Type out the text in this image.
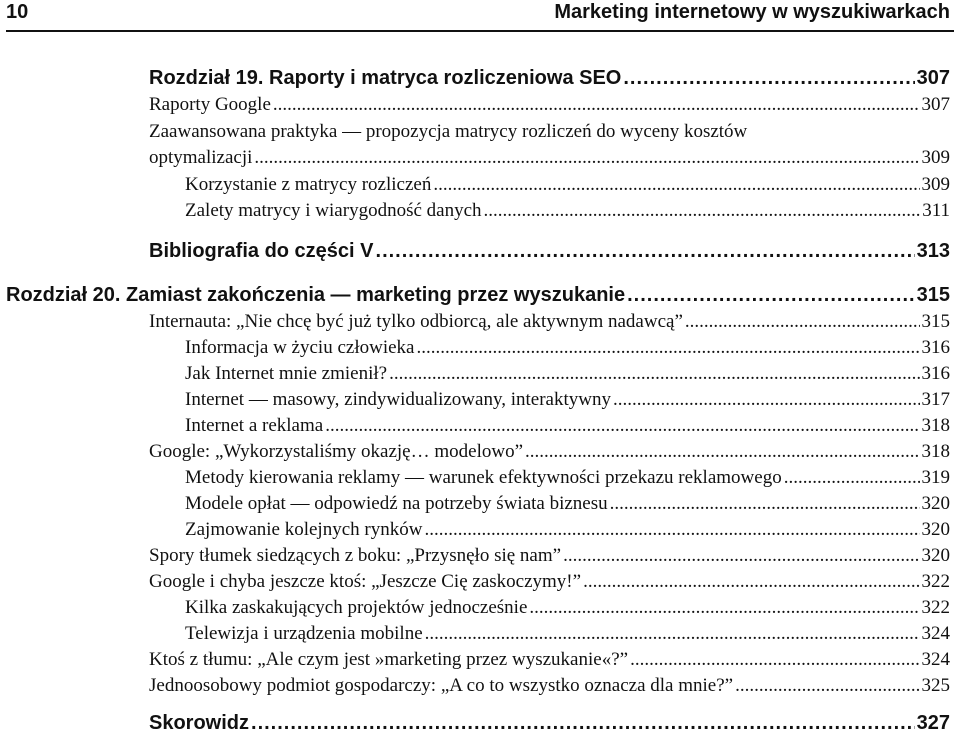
10	Marketing internetowy w wyszukiwarkach
Rozdział 19. Raporty i matryca rozliczeniowa SEO .....	307
Raporty Google .....	307
Zaawansowana praktyka — propozycja matrycy rozliczeń do wyceny kosztów
optymalizacji .....	309
Korzystanie z matrycy rozliczeń .....	309
Zalety matrycy i wiarygodność danych .....	311
Bibliografia do części V .....	313
Rozdział 20. Zamiast zakończenia — marketing przez wyszukanie .....	315
Internauta: „Nie chcę być już tylko odbiorcą, ale aktywnym nadawcą” .....	315
Informacja w życiu człowieka .....	316
Jak Internet mnie zmienił? .....	316
Internet — masowy, zindywidualizowany, interaktywny .....	317
Internet a reklama .....	318
Google: „Wykorzystaliśmy okazję… modelowo” .....	318
Metody kierowania reklamy — warunek efektywności przekazu reklamowego .....	319
Modele opłat — odpowiedź na potrzeby świata biznesu .....	320
Zajmowanie kolejnych rynków .....	320
Spory tłumek siedzących z boku: „Przysnęło się nam” .....	320
Google i chyba jeszcze ktoś: „Jeszcze Cię zaskoczymy!” .....	322
Kilka zaskakujących projektów jednocześnie .....	322
Telewizja i urządzenia mobilne .....	324
Ktoś z tłumu: „Ale czym jest »marketing przez wyszukanie«?” .....	324
Jednoosobowy podmiot gospodarczy: „A co to wszystko oznacza dla mnie?” .....	325
Skorowidz .....	327
